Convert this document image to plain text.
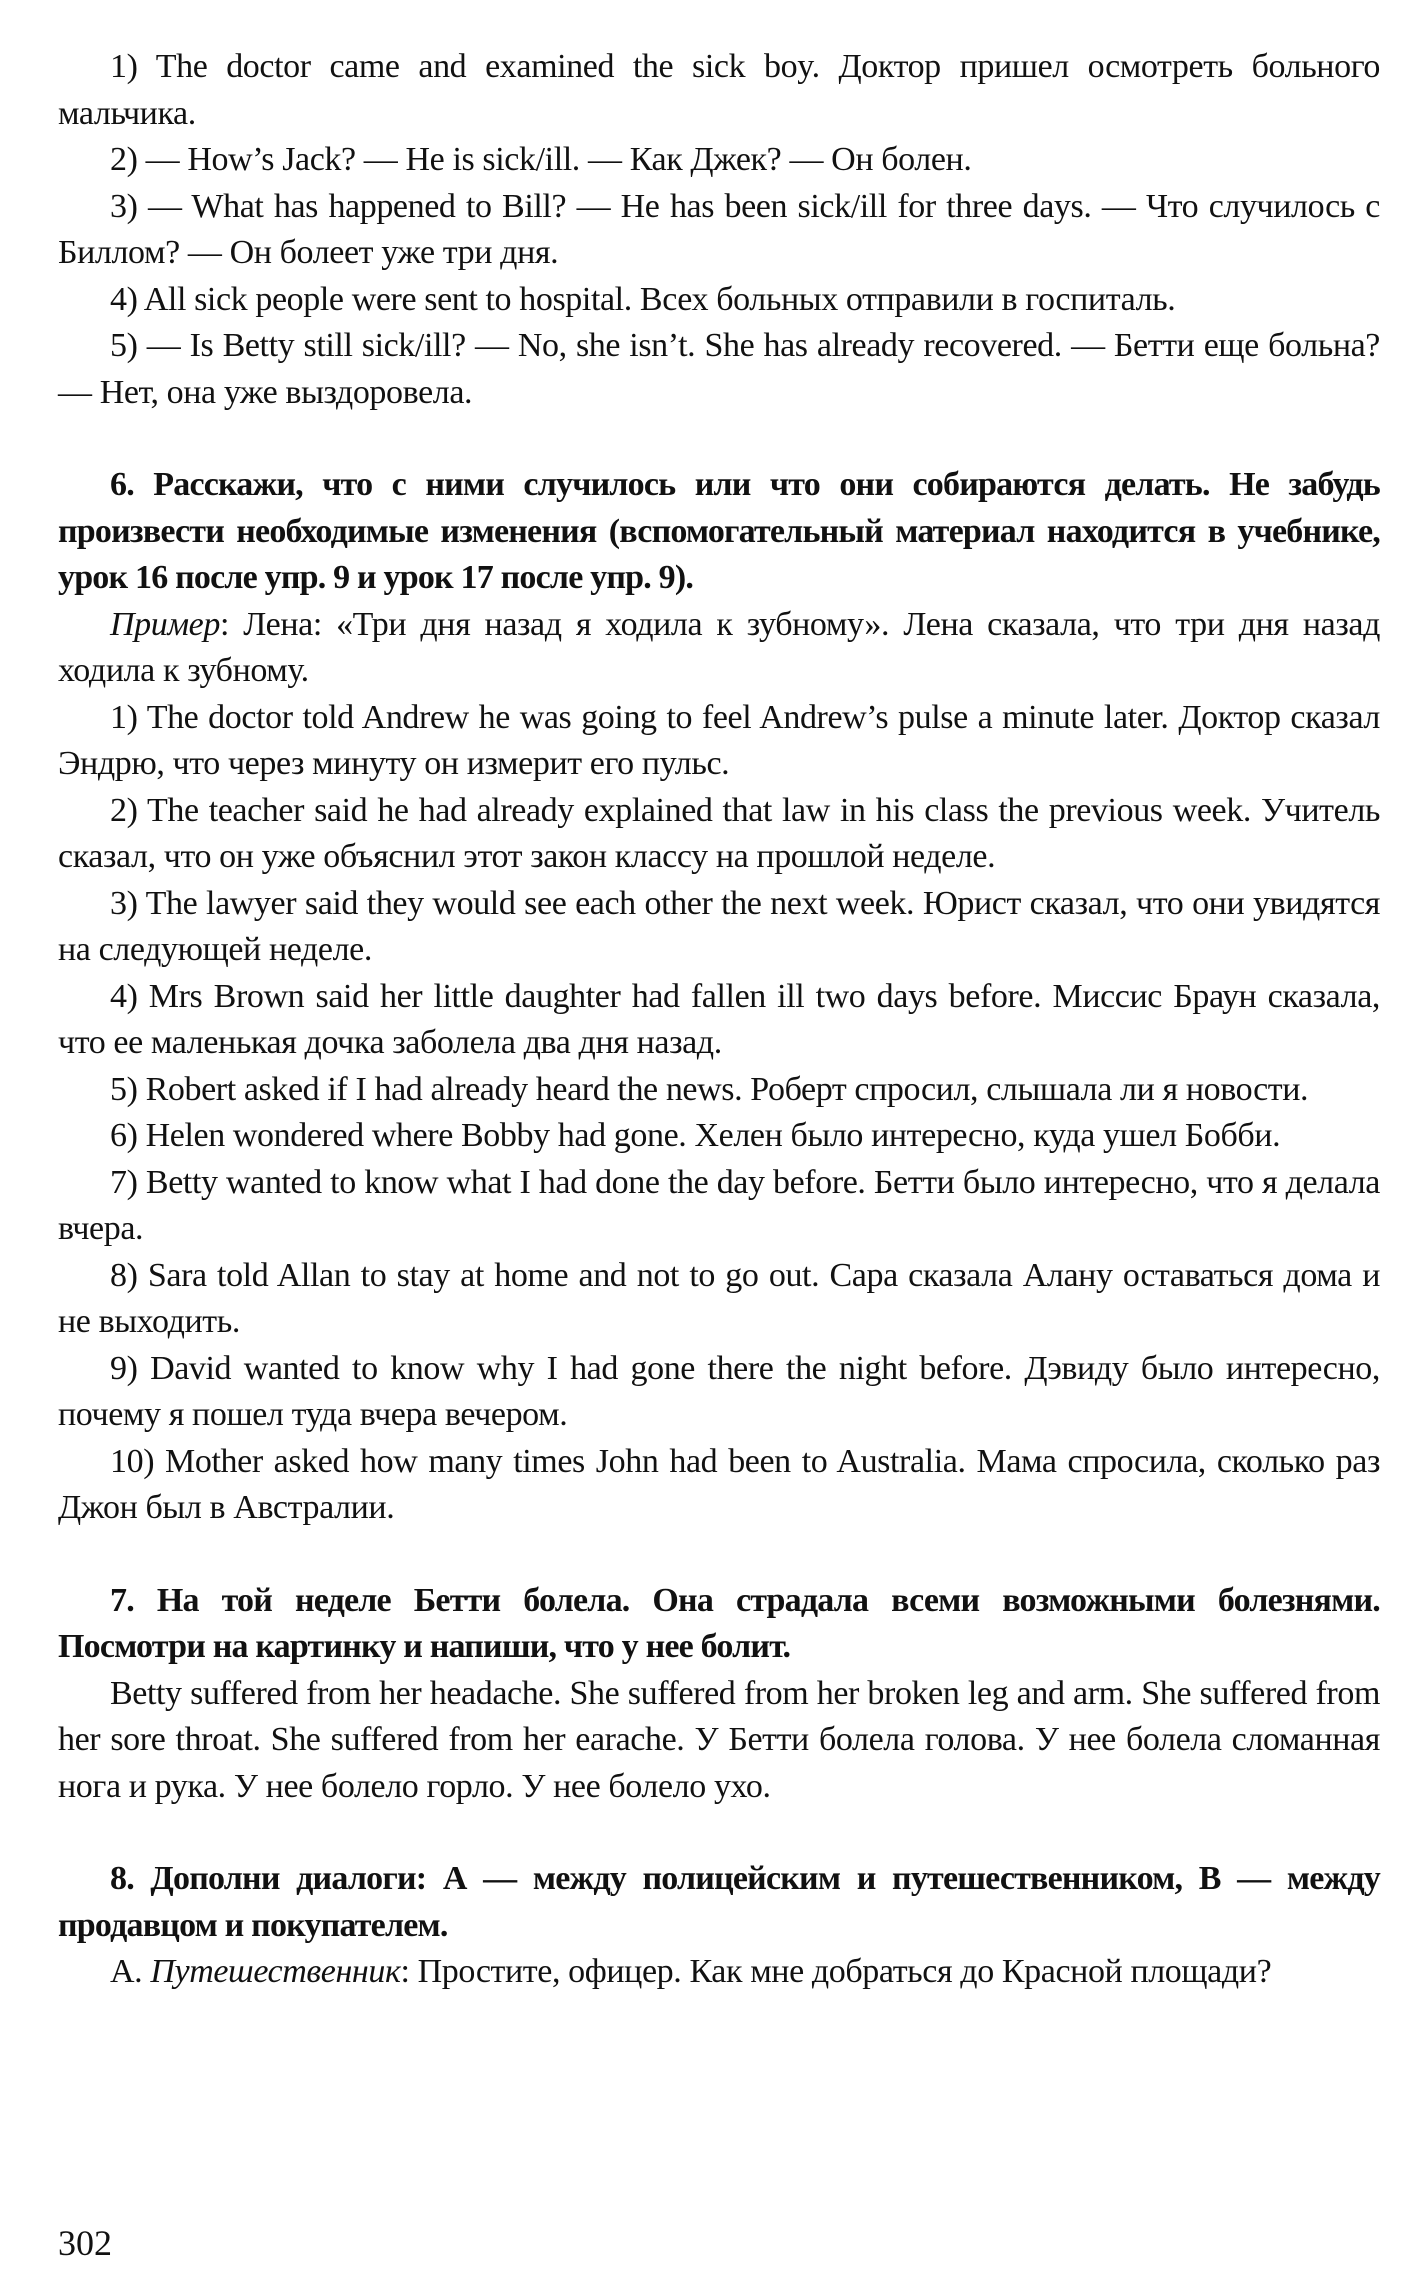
1) The doctor came and examined the sick boy. Доктор пришел осмотреть больного мальчика.

2) — How’s Jack? — He is sick/ill. — Как Джек? — Он болен.

3) — What has happened to Bill? — He has been sick/ill for three days. — Что случилось с Биллом? — Он болеет уже три дня.

4) All sick people were sent to hospital. Всех больных отправили в госпиталь.

5) — Is Betty still sick/ill? — No, she isn’t. She has already recovered. — Бетти еще больна? — Нет, она уже выздоровела.

6. Расскажи, что с ними случилось или что они собираются делать. Не забудь произвести необходимые изменения (вспомогательный материал находится в учебнике, урок 16 после упр. 9 и урок 17 после упр. 9).

Пример: Лена: «Три дня назад я ходила к зубному». Лена сказала, что три дня назад ходила к зубному.

1) The doctor told Andrew he was going to feel Andrew’s pulse a minute later. Доктор сказал Эндрю, что через минуту он измерит его пульс.

2) The teacher said he had already explained that law in his class the previous week. Учитель сказал, что он уже объяснил этот закон классу на прошлой неделе.

3) The lawyer said they would see each other the next week. Юрист сказал, что они увидятся на следующей неделе.

4) Mrs Brown said her little daughter had fallen ill two days before. Миссис Браун сказала, что ее маленькая дочка заболела два дня назад.

5) Robert asked if I had already heard the news. Роберт спросил, слышала ли я новости.

6) Helen wondered where Bobby had gone. Хелен было интересно, куда ушел Бобби.

7) Betty wanted to know what I had done the day before. Бетти было интересно, что я делала вчера.

8) Sara told Allan to stay at home and not to go out. Сара сказала Алану оставаться дома и не выходить.

9) David wanted to know why I had gone there the night before. Дэвиду было интересно, почему я пошел туда вчера вечером.

10) Mother asked how many times John had been to Australia. Мама спросила, сколько раз Джон был в Австралии.

7. На той неделе Бетти болела. Она страдала всеми возможными болезнями. Посмотри на картинку и напиши, что у нее болит.

Betty suffered from her headache. She suffered from her broken leg and arm. She suffered from her sore throat. She suffered from her earache. У Бетти болела голова. У нее болела сломанная нога и рука. У нее болело горло. У нее болело ухо.

8. Дополни диалоги: А — между полицейским и путешественником, В — между продавцом и покупателем.

А. Путешественник: Простите, офицер. Как мне добраться до Красной площади?

302
